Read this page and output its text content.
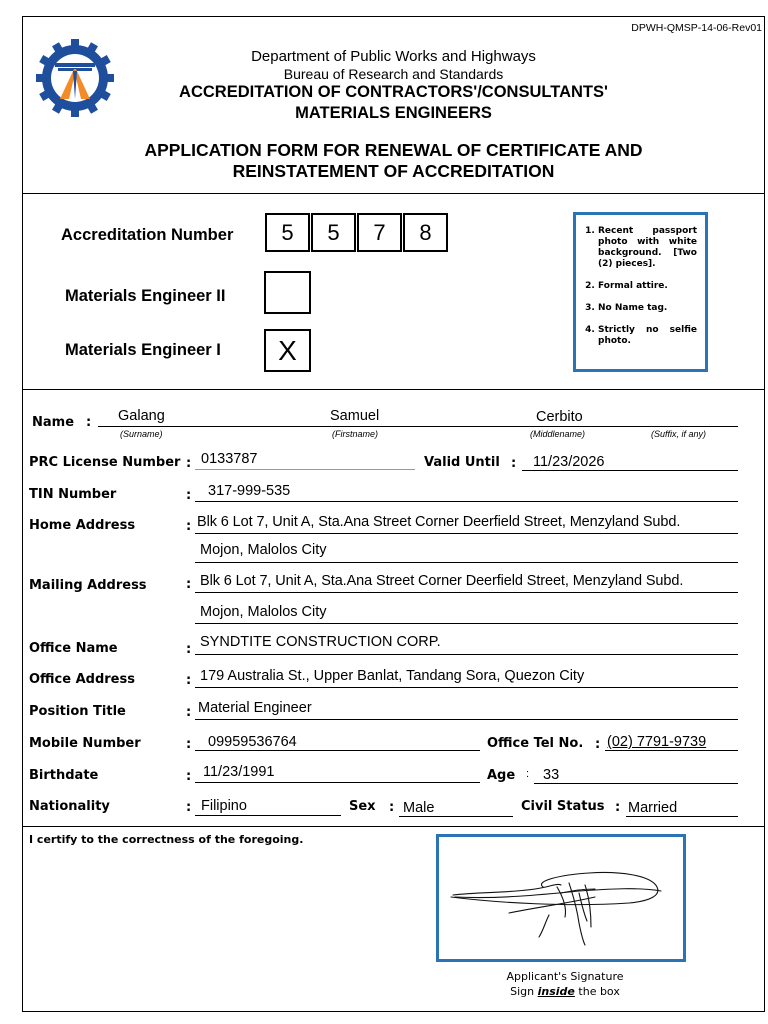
DPWH-QMSP-14-06-Rev01
Department of Public Works and Highways
Bureau of Research and Standards
ACCREDITATION OF CONTRACTORS'/CONSULTANTS'
MATERIALS ENGINEERS
APPLICATION FORM FOR RENEWAL OF CERTIFICATE AND
REINSTATEMENT OF ACCREDITATION
Accreditation Number	5	5	7	8
Materials Engineer II
Materials Engineer I	X
1. Recent passport photo with white background. [Two (2) pieces].
2. Formal attire.
3. No Name tag.
4. Strictly no selfie photo.
Name : Galang	Samuel	Cerbito
(Surname)	(Firstname)	(Middlename)	(Suffix, if any)
PRC License Number : 0133787	Valid Until : 11/23/2026
TIN Number	: 317-999-535
Home Address	: Blk 6 Lot 7, Unit A, Sta.Ana Street Corner Deerfield Street, Menzyland Subd.
Mojon, Malolos City
Mailing Address	: Blk 6 Lot 7, Unit A, Sta.Ana Street Corner Deerfield Street, Menzyland Subd.
Mojon, Malolos City
Office Name	: SYNDTITE CONSTRUCTION CORP.
Office Address	: 179 Australia St., Upper Banlat, Tandang Sora, Quezon City
Position Title	: Material Engineer
Mobile Number	: 09959536764	Office Tel No. : (02) 7791-9739
Birthdate	: 11/23/1991	Age : 33
Nationality	: Filipino	Sex : Male	Civil Status : Married
I certify to the correctness of the foregoing.
Applicant's Signature
Sign inside the box
